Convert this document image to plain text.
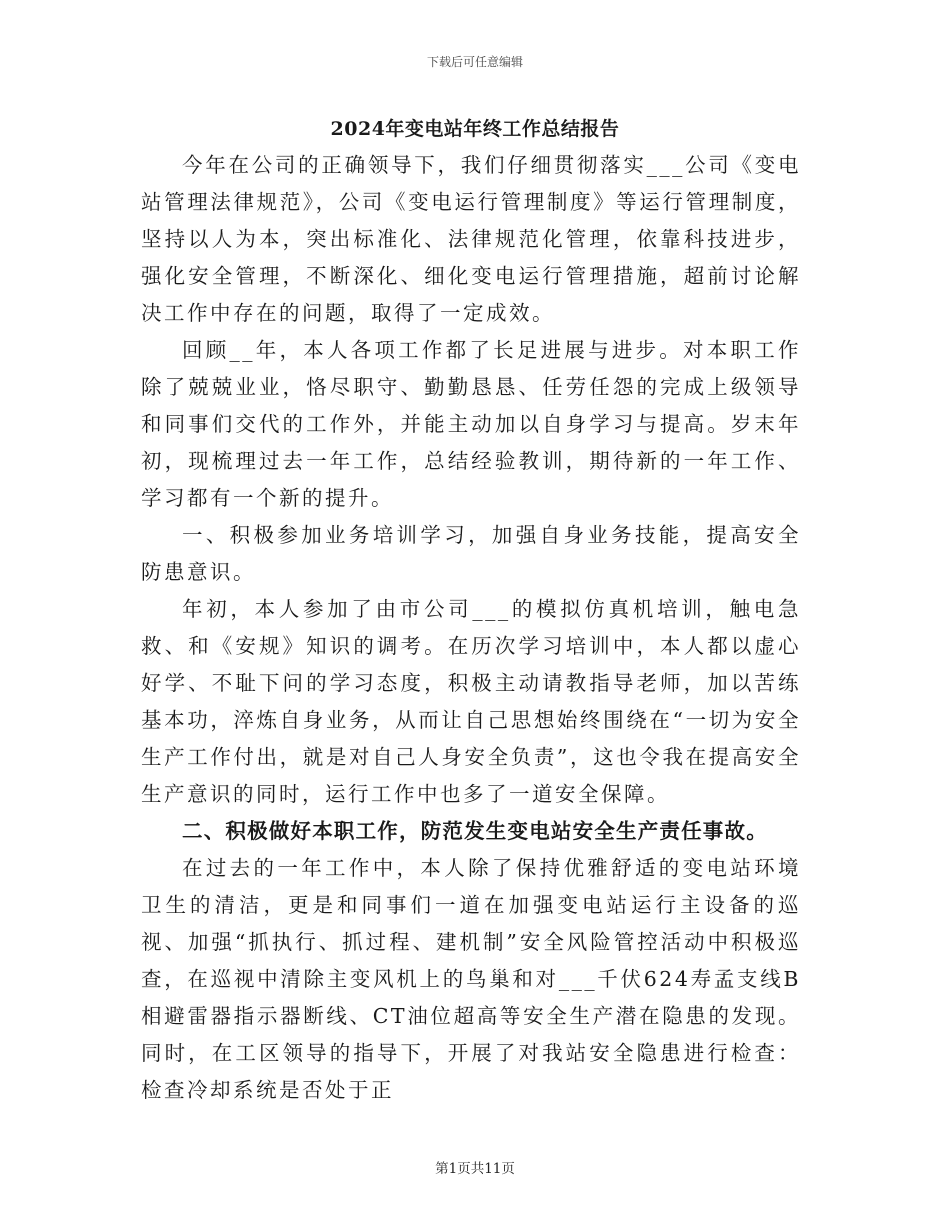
下载后可任意编辑
2024年变电站年终工作总结报告

今年在公司的正确领导下，我们仔细贯彻落实___公司《变电站管理法律规范》，公司《变电运行管理制度》等运行管理制度，坚持以人为本，突出标准化、法律规范化管理，依靠科技进步，强化安全管理，不断深化、细化变电运行管理措施，超前讨论解决工作中存在的问题，取得了一定成效。

回顾__年，本人各项工作都了长足进展与进步。对本职工作除了兢兢业业，恪尽职守、勤勤恳恳、任劳任怨的完成上级领导和同事们交代的工作外，并能主动加以自身学习与提高。岁末年初，现梳理过去一年工作，总结经验教训，期待新的一年工作、学习都有一个新的提升。

一、积极参加业务培训学习，加强自身业务技能，提高安全防患意识。

年初，本人参加了由市公司___的模拟仿真机培训，触电急救、和《安规》知识的调考。在历次学习培训中，本人都以虚心好学、不耻下问的学习态度，积极主动请教指导老师，加以苦练基本功，淬炼自身业务，从而让自己思想始终围绕在“一切为安全生产工作付出，就是对自己人身安全负责”，这也令我在提高安全生产意识的同时，运行工作中也多了一道安全保障。

二、积极做好本职工作，防范发生变电站安全生产责任事故。

在过去的一年工作中，本人除了保持优雅舒适的变电站环境卫生的清洁，更是和同事们一道在加强变电站运行主设备的巡视、加强“抓执行、抓过程、建机制”安全风险管控活动中积极巡查，在巡视中清除主变风机上的鸟巢和对___千伏624寿孟支线B相避雷器指示器断线、CT油位超高等安全生产潜在隐患的发现。同时，在工区领导的指导下，开展了对我站安全隐患进行检查：检查冷却系统是否处于正

第1页共11页
